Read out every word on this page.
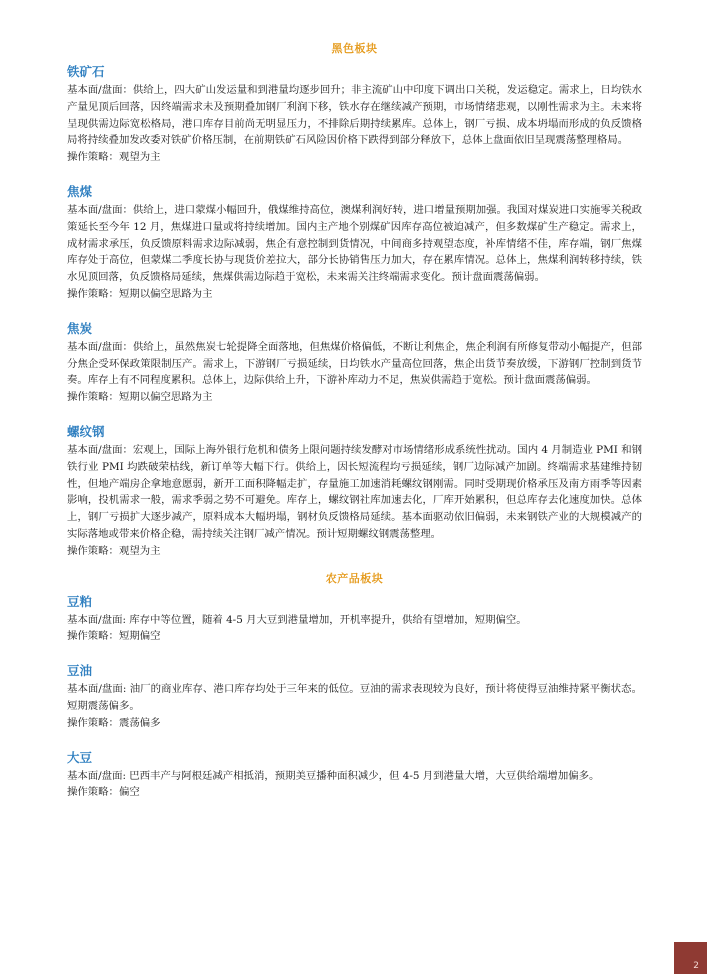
黑色板块
铁矿石

基本面/盘面：供给上，四大矿山发运量和到港量均逐步回升；非主流矿山中印度下调出口关税，发运稳定。需求上，日均铁水产量见顶后回落，因终端需求未及预期叠加钢厂利润下移，铁水存在继续减产预期，市场情绪悲观，以刚性需求为主。未来将呈现供需边际宽松格局，港口库存目前尚无明显压力，不排除后期持续累库。总体上，钢厂亏损、成本坍塌而形成的负反馈格局将持续叠加发改委对铁矿价格压制，在前期铁矿石风险因价格下跌得到部分释放下，总体上盘面依旧呈现震荡整理格局。

操作策略：观望为主

焦煤

基本面/盘面：供给上，进口蒙煤小幅回升，俄煤维持高位，澳煤利润好转，进口增量预期加强。我国对煤炭进口实施零关税政策延长至今年 12 月，焦煤进口量或将持续增加。国内主产地个别煤矿因库存高位被迫减产，但多数煤矿生产稳定。需求上，成材需求承压，负反馈原料需求边际减弱，焦企有意控制到货情况，中间商多持观望态度，补库情绪不佳，库存端，钢厂焦煤库存处于高位，但蒙煤二季度长协与现货价差拉大，部分长协销售压力加大，存在累库情况。总体上，焦煤利润转移持续，铁水见顶回落，负反馈格局延续，焦煤供需边际趋于宽松，未来需关注终端需求变化。预计盘面震荡偏弱。

操作策略：短期以偏空思路为主

焦炭

基本面/盘面：供给上，虽然焦炭七轮提降全面落地，但焦煤价格偏低，不断让利焦企，焦企利润有所修复带动小幅提产，但部分焦企受环保政策限制压产。需求上，下游钢厂亏损延续，日均铁水产量高位回落，焦企出货节奏放缓，下游钢厂控制到货节奏。库存上有不同程度累积。总体上，边际供给上升，下游补库动力不足，焦炭供需趋于宽松。预计盘面震荡偏弱。

操作策略：短期以偏空思路为主

螺纹钢

基本面/盘面：宏观上，国际上海外银行危机和债务上限问题持续发酵对市场情绪形成系统性扰动。国内 4 月制造业 PMI 和钢铁行业 PMI 均跌破荣枯线，新订单等大幅下行。供给上，因长短流程均亏损延续，钢厂边际减产加剧。终端需求基建维持韧性，但地产端房企拿地意愿弱，新开工面积降幅走扩，存量施工加速消耗螺纹钢刚需。同时受期现价格承压及南方雨季等因素影响，投机需求一般，需求季弱之势不可避免。库存上，螺纹钢社库加速去化，厂库开始累积，但总库存去化速度加快。总体上，钢厂亏损扩大逐步减产，原料成本大幅坍塌，钢材负反馈格局延续。基本面驱动依旧偏弱，未来钢铁产业的大规模减产的实际落地或带来价格企稳，需持续关注钢厂减产情况。预计短期螺纹钢震荡整理。

操作策略：观望为主

农产品板块
豆粕

基本面/盘面: 库存中等位置，随着 4-5 月大豆到港量增加，开机率提升，供给有望增加，短期偏空。

操作策略：短期偏空

豆油

基本面/盘面: 油厂的商业库存、港口库存均处于三年来的低位。豆油的需求表现较为良好，预计将使得豆油维持紧平衡状态。短期震荡偏多。

操作策略：震荡偏多

大豆

基本面/盘面: 巴西丰产与阿根廷减产相抵消，预期美豆播种面积减少，但 4-5 月到港量大增，大豆供给端增加偏多。

操作策略：偏空

2
